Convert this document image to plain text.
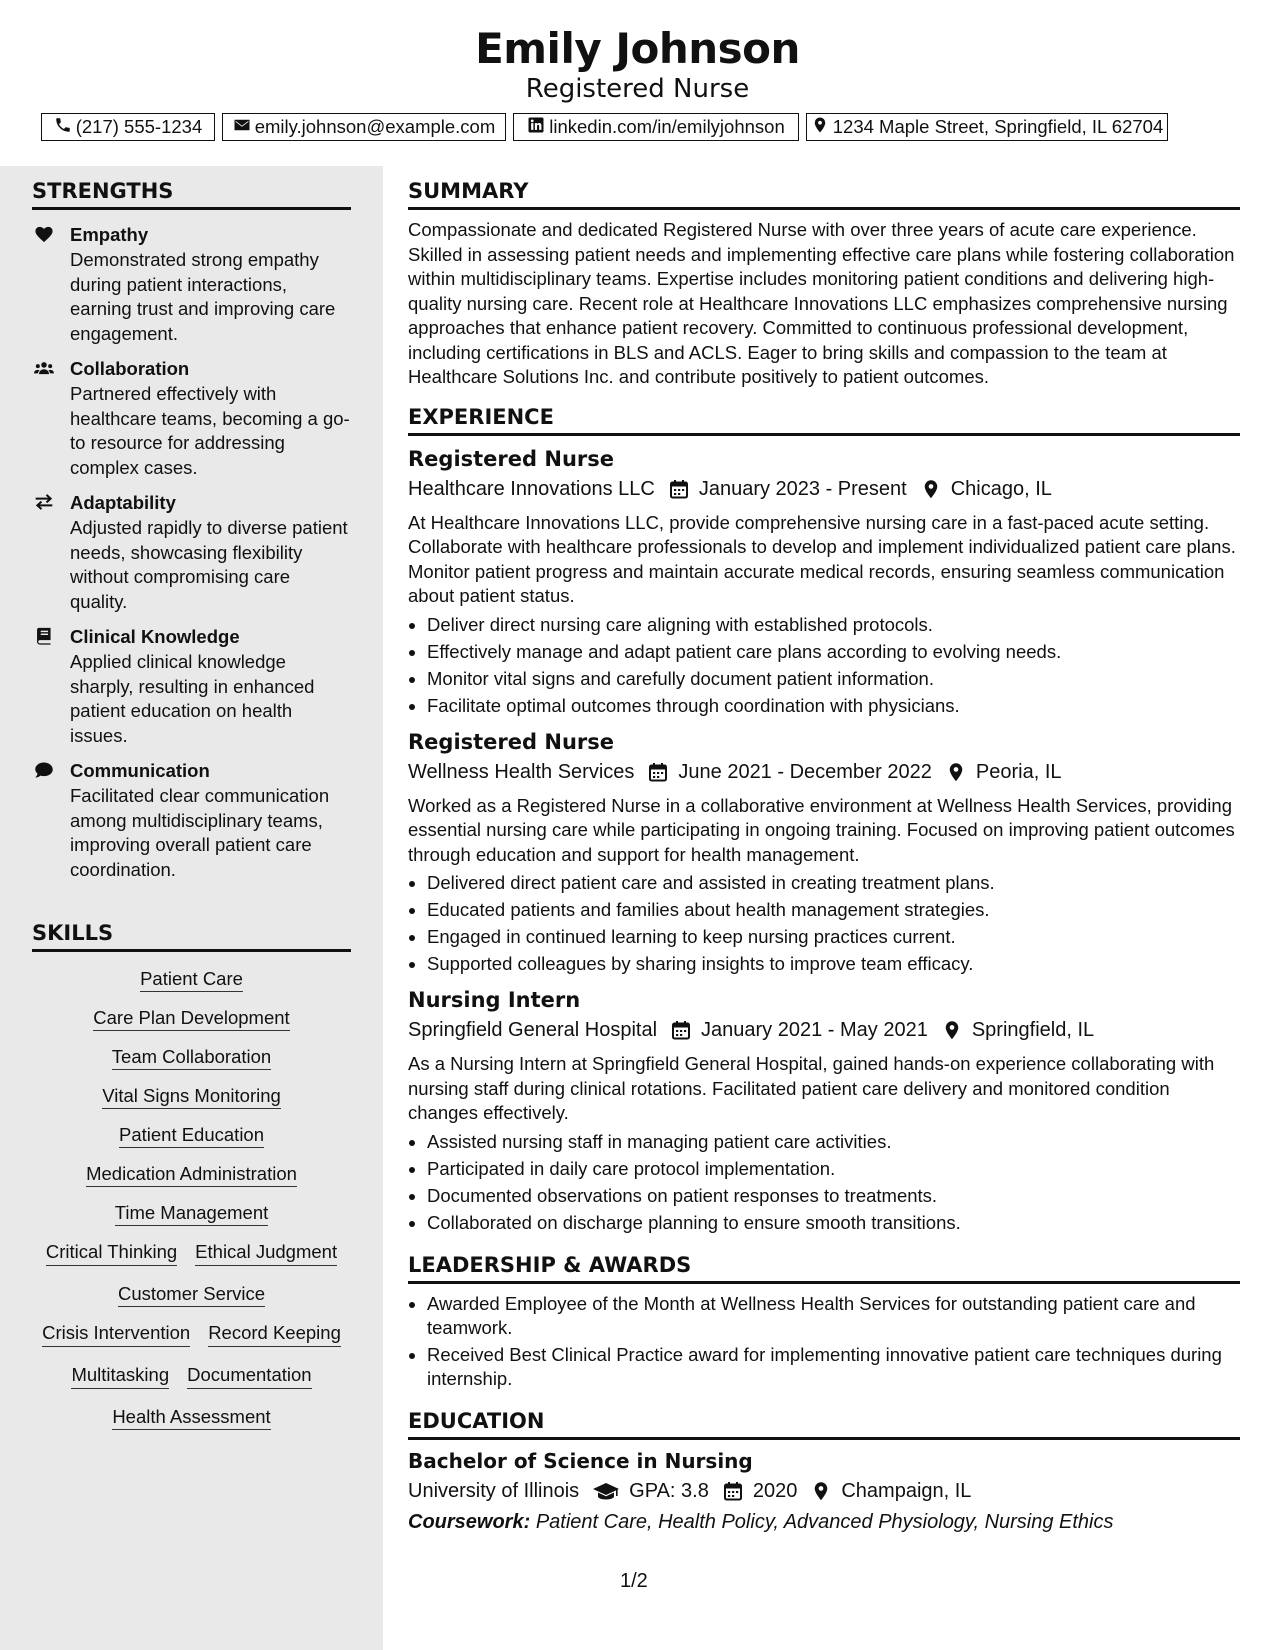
Emily Johnson
Registered Nurse
(217) 555-1234	emily.johnson@example.com	linkedin.com/in/emilyjohnson	1234 Maple Street, Springfield, IL 62704
STRENGTHS
Empathy
Demonstrated strong empathy during patient interactions, earning trust and improving care engagement.
Collaboration
Partnered effectively with healthcare teams, becoming a go-to resource for addressing complex cases.
Adaptability
Adjusted rapidly to diverse patient needs, showcasing flexibility without compromising care quality.
Clinical Knowledge
Applied clinical knowledge sharply, resulting in enhanced patient education on health issues.
Communication
Facilitated clear communication among multidisciplinary teams, improving overall patient care coordination.
SKILLS
Patient Care
Care Plan Development
Team Collaboration
Vital Signs Monitoring
Patient Education
Medication Administration
Time Management
Critical Thinking Ethical Judgment
Customer Service
Crisis Intervention Record Keeping
Multitasking Documentation
Health Assessment
SUMMARY

Compassionate and dedicated Registered Nurse with over three years of acute care experience. Skilled in assessing patient needs and implementing effective care plans while fostering collaboration within multidisciplinary teams. Expertise includes monitoring patient conditions and delivering high-quality nursing care. Recent role at Healthcare Innovations LLC emphasizes comprehensive nursing approaches that enhance patient recovery. Committed to continuous professional development, including certifications in BLS and ACLS. Eager to bring skills and compassion to the team at Healthcare Solutions Inc. and contribute positively to patient outcomes.

EXPERIENCE
Registered Nurse
Healthcare Innovations LLC January 2023 - Present Chicago, IL

At Healthcare Innovations LLC, provide comprehensive nursing care in a fast-paced acute setting. Collaborate with healthcare professionals to develop and implement individualized patient care plans. Monitor patient progress and maintain accurate medical records, ensuring seamless communication about patient status.

• Deliver direct nursing care aligning with established protocols.
• Effectively manage and adapt patient care plans according to evolving needs.
• Monitor vital signs and carefully document patient information.
• Facilitate optimal outcomes through coordination with physicians.
Registered Nurse
Wellness Health Services June 2021 - December 2022 Peoria, IL

Worked as a Registered Nurse in a collaborative environment at Wellness Health Services, providing essential nursing care while participating in ongoing training. Focused on improving patient outcomes through education and support for health management.

• Delivered direct patient care and assisted in creating treatment plans.
• Educated patients and families about health management strategies.
• Engaged in continued learning to keep nursing practices current.
• Supported colleagues by sharing insights to improve team efficacy.
Nursing Intern
Springfield General Hospital January 2021 - May 2021 Springfield, IL

As a Nursing Intern at Springfield General Hospital, gained hands-on experience collaborating with nursing staff during clinical rotations. Facilitated patient care delivery and monitored condition changes effectively.

• Assisted nursing staff in managing patient care activities.
• Participated in daily care protocol implementation.
• Documented observations on patient responses to treatments.
• Collaborated on discharge planning to ensure smooth transitions.
LEADERSHIP & AWARDS
• Awarded Employee of the Month at Wellness Health Services for outstanding patient care and teamwork.
• Received Best Clinical Practice award for implementing innovative patient care techniques during internship.
EDUCATION
Bachelor of Science in Nursing
University of Illinois	GPA: 3.8 2020 Champaign, IL
Coursework: Patient Care, Health Policy, Advanced Physiology, Nursing Ethics
1/2
